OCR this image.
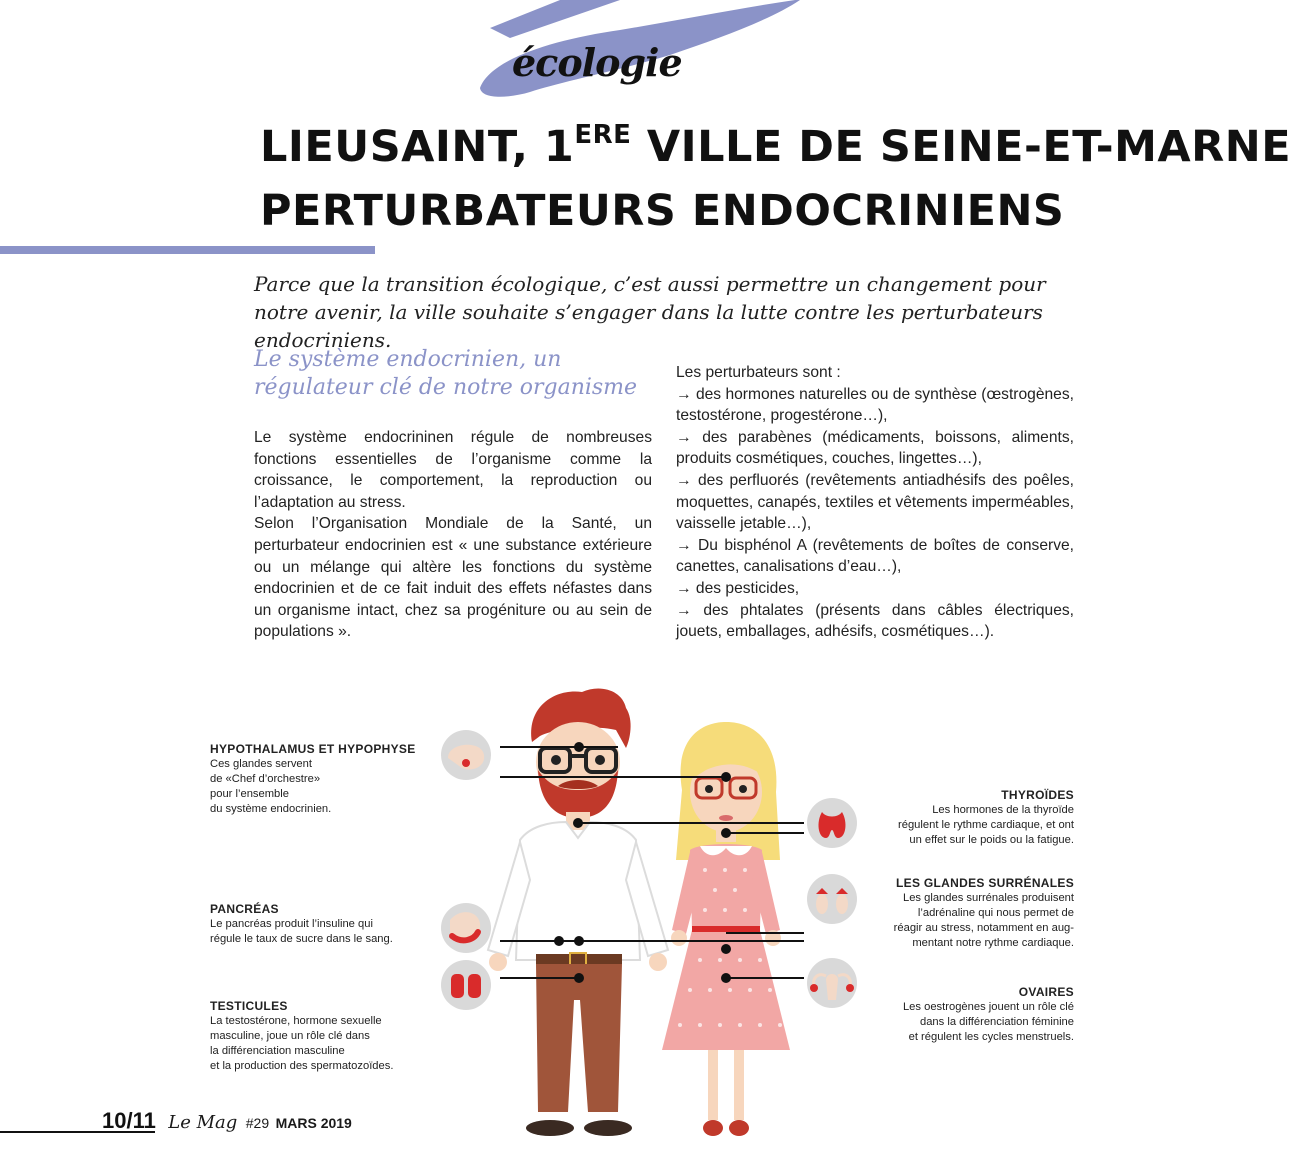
écologie
LIEUSAINT, 1ERE VILLE DE SEINE-ET-MARNE
PERTURBATEURS ENDOCRINIENS
Parce que la transition écologique, c’est aussi permettre un changement pour notre avenir, la ville souhaite s’engager dans la lutte contre les perturbateurs endocriniens.
Le système endocrinien, un
régulateur clé de notre organisme

Le système endocrininen régule de nombreuses fonctions essentielles de l’organisme comme la croissance, le comportement, la reproduction ou l’adaptation au stress.

Selon l’Organisation Mondiale de la Santé, un perturbateur endocrinien est « une substance extérieure ou un mélange qui altère les fonctions du système endocrinien et de ce fait induit des effets néfastes dans un organisme intact, chez sa progéniture ou au sein de populations ».

Les perturbateurs sont :

→ des hormones naturelles ou de synthèse (œstrogènes, testostérone, progestérone…),

→ des parabènes (médicaments, boissons, aliments, produits cosmétiques, couches, lingettes…),

→ des perfluorés (revêtements antiadhésifs des poêles, moquettes, canapés, textiles et vêtements imperméables, vaisselle jetable…),

→ Du bisphénol A (revêtements de boîtes de conserve, canettes, canalisations d’eau…),

→ des pesticides,

→ des phtalates (présents dans câbles électriques, jouets, emballages, adhésifs, cosmétiques…).

HYPOTHALAMUS ET HYPOPHYSE
Ces glandes servent
de «Chef d’orchestre»
pour l’ensemble
du système endocrinien.
PANCRÉAS
Le pancréas produit l’insuline qui
régule le taux de sucre dans le sang.
TESTICULES
La testostérone, hormone sexuelle
masculine, joue un rôle clé dans
la différenciation masculine
et la production des spermatozoïdes.
THYROÏDES
Les hormones de la thyroïde
régulent le rythme cardiaque, et ont
un effet sur le poids ou la fatigue.
LES GLANDES SURRÉNALES
Les glandes surrénales produisent
l’adrénaline qui nous permet de
réagir au stress, notamment en aug-
mentant notre rythme cardiaque.
OVAIRES
Les oestrogènes jouent un rôle clé
dans la différenciation féminine
et régulent les cycles menstruels.
10/11 Le Mag #29 MARS 2019
